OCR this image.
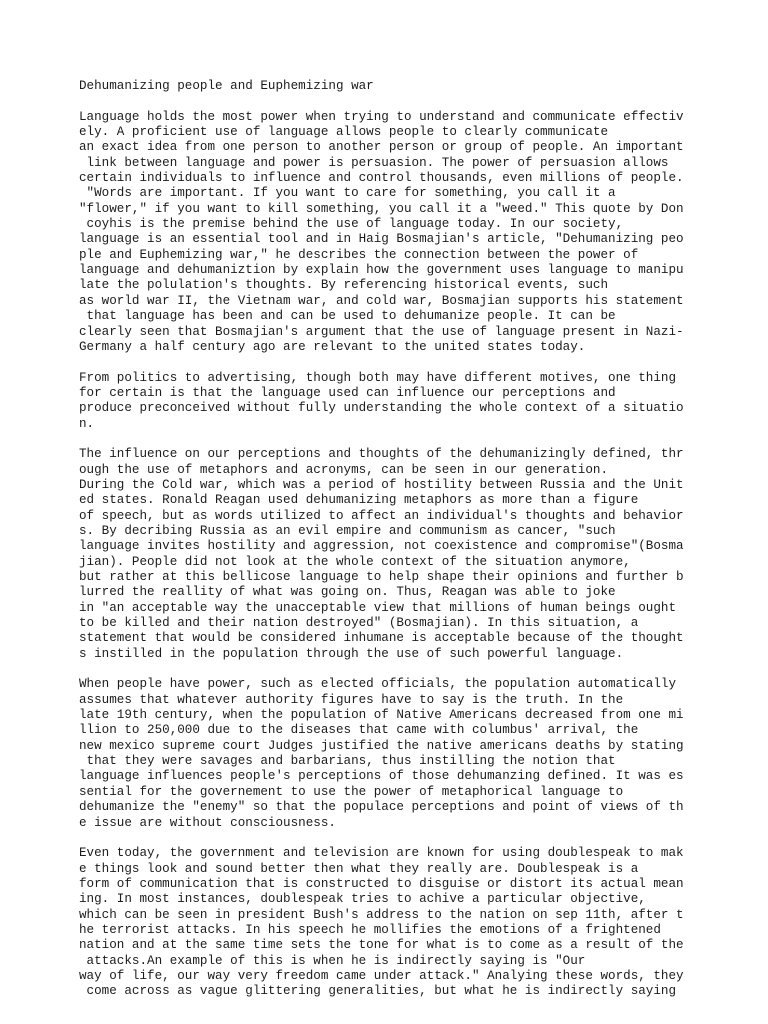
Dehumanizing people and Euphemizing war
Language holds the most power when trying to understand and communicate effectiv
ely. A proficient use of language allows people to clearly communicate
an exact idea from one person to another person or group of people. An important
link between language and power is persuasion. The power of persuasion allows
certain individuals to influence and control thousands, even millions of people.
"Words are important. If you want to care for something, you call it a
"flower," if you want to kill something, you call it a "weed." This quote by Don
coyhis is the premise behind the use of language today. In our society,
language is an essential tool and in Haig Bosmajian's article, "Dehumanizing peo
ple and Euphemizing war," he describes the connection between the power of
language and dehumaniztion by explain how the government uses language to manipu
late the polulation's thoughts. By referencing historical events, such
as world war II, the Vietnam war, and cold war, Bosmajian supports his statement
that language has been and can be used to dehumanize people. It can be
clearly seen that Bosmajian's argument that the use of language present in Nazi-
Germany a half century ago are relevant to the united states today.
From politics to advertising, though both may have different motives, one thing
for certain is that the language used can influence our perceptions and
produce preconceived without fully understanding the whole context of a situatio
n.
The influence on our perceptions and thoughts of the dehumanizingly defined, thr
ough the use of metaphors and acronyms, can be seen in our generation.
During the Cold war, which was a period of hostility between Russia and the Unit
ed states. Ronald Reagan used dehumanizing metaphors as more than a figure
of speech, but as words utilized to affect an individual's thoughts and behavior
s. By decribing Russia as an evil empire and communism as cancer, "such
language invites hostility and aggression, not coexistence and compromise"(Bosma
jian). People did not look at the whole context of the situation anymore,
but rather at this bellicose language to help shape their opinions and further b
lurred the reallity of what was going on. Thus, Reagan was able to joke
in "an acceptable way the unacceptable view that millions of human beings ought
to be killed and their nation destroyed" (Bosmajian). In this situation, a
statement that would be considered inhumane is acceptable because of the thought
s instilled in the population through the use of such powerful language.
When people have power, such as elected officials, the population automatically
assumes that whatever authority figures have to say is the truth. In the
late 19th century, when the population of Native Americans decreased from one mi
llion to 250,000 due to the diseases that came with columbus' arrival, the
new mexico supreme court Judges justified the native americans deaths by stating
that they were savages and barbarians, thus instilling the notion that
language influences people's perceptions of those dehumanzing defined. It was es
sential for the governement to use the power of metaphorical language to
dehumanize the "enemy" so that the populace perceptions and point of views of th
e issue are without consciousness.
Even today, the government and television are known for using doublespeak to mak
e things look and sound better then what they really are. Doublespeak is a
form of communication that is constructed to disguise or distort its actual mean
ing. In most instances, doublespeak tries to achive a particular objective,
which can be seen in president Bush's address to the nation on sep 11th, after t
he terrorist attacks. In his speech he mollifies the emotions of a frightened
nation and at the same time sets the tone for what is to come as a result of the
attacks.An example of this is when he is indirectly saying is "Our
way of life, our way very freedom came under attack." Analying these words, they
come across as vague glittering generalities, but what he is indirectly saying
